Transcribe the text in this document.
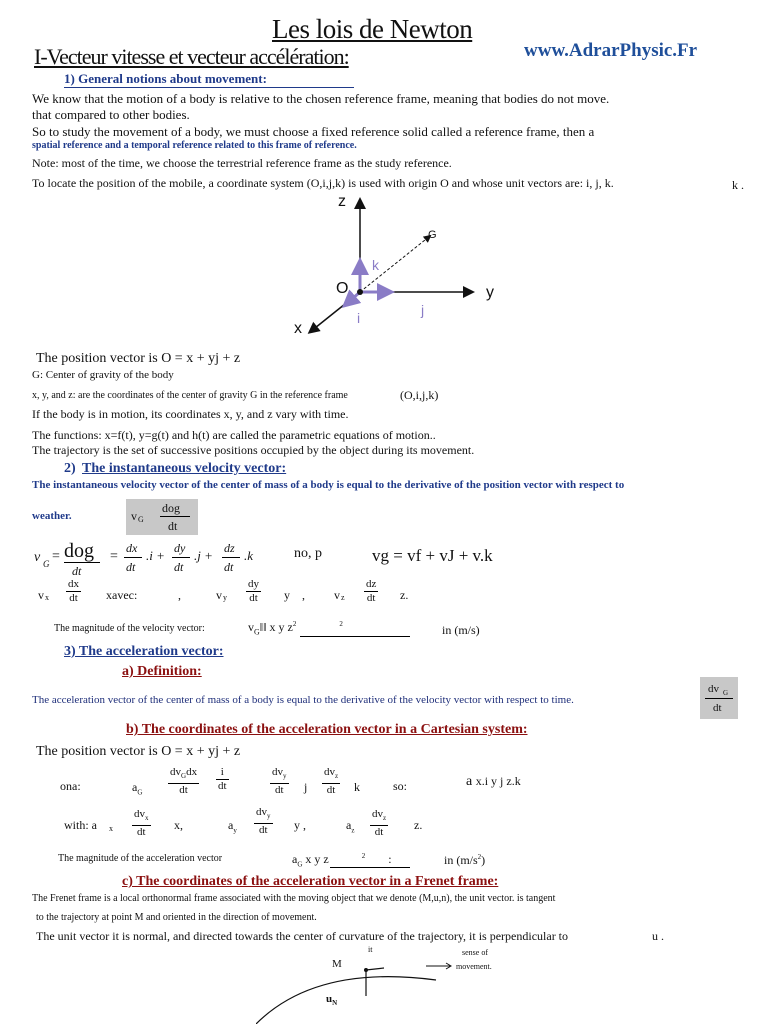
Les lois de Newton
I-Vecteur vitesse et vecteur accélération:	www.AdrarPhysic.Fr
1) General notions about movement:
We know that the motion of a body is relative to the chosen reference frame, meaning that bodies do not move.
that compared to other bodies.
So to study the movement of a body, we must choose a fixed reference solid called a reference frame, then a
spatial reference and a temporal reference related to this frame of reference.
Note: most of the time, we choose the terrestrial reference frame as the study reference.
To locate the position of the mobile, a coordinate system (O,i,j,k) is used with origin O and whose unit vectors are: i, j, k.	k .
z
y
x
O
G
k
j
i
The position vector is O = x + yj + z
G: Center of gravity of the body
x, y, and z: are the coordinates of the center of gravity G in the reference frame	(O,i,j,k)
If the body is in motion, its coordinates x, y, and z vary with time.
The functions: x=f(t), y=g(t) and h(t) are called the parametric equations of motion..
The trajectory is the set of successive positions occupied by the object during its movement.
2) The instantaneous velocity vector:
The instantaneous velocity vector of the center of mass of a body is equal to the derivative of the position vector with respect to
weather.	v G
dog
dt
v G = dog
dt
=
dx
dt
.i + dy
dt
.j + dz
dt
.k	no, p	vg = vf + vJ + v.k
v x $\frac{dx}{dt}$ xavec:	,	v y $\frac{dy}{dt}$ y , v z $\frac{dz}{dt} z$.
The magnitude of the velocity vector:	$v_G‖‖$ x y $z^2$	$^2$	in (m/s)
3) The acceleration vector:
a) Definition:
The acceleration vector of the center of mass of a body is equal to the derivative of the velocity vector with respect to time.
dv G
dt
b) The coordinates of the acceleration vector in a Cartesian system:
The position vector is O = x + yj + z
ona:	$a_G$
$dv_Gdx$
dt	$\frac{i}{dt}$	$dv_y$
dt	j
$dv_z$
dt	k	so:	a x.i y j z.k
with: a x
$dv_x$
dt
x,	$a_y$
$dv_y$
dt	y ,	$a_z$
$dv_z$
dt
z.
The magnitude of the acceleration vector	$a_G$ x y z	$^2$ :	in $(m/s^2)$
c) The coordinates of the acceleration vector in a Frenet frame:
The Frenet frame is a local orthonormal frame associated with the moving object that we denote (M,u,n), the unit vector. is tangent
to the trajectory at point M and oriented in the direction of movement.
The unit vector it is normal, and directed towards the center of curvature of the trajectory, it is perpendicular to	u .
M
it	sense of
movement.
$u_N$
